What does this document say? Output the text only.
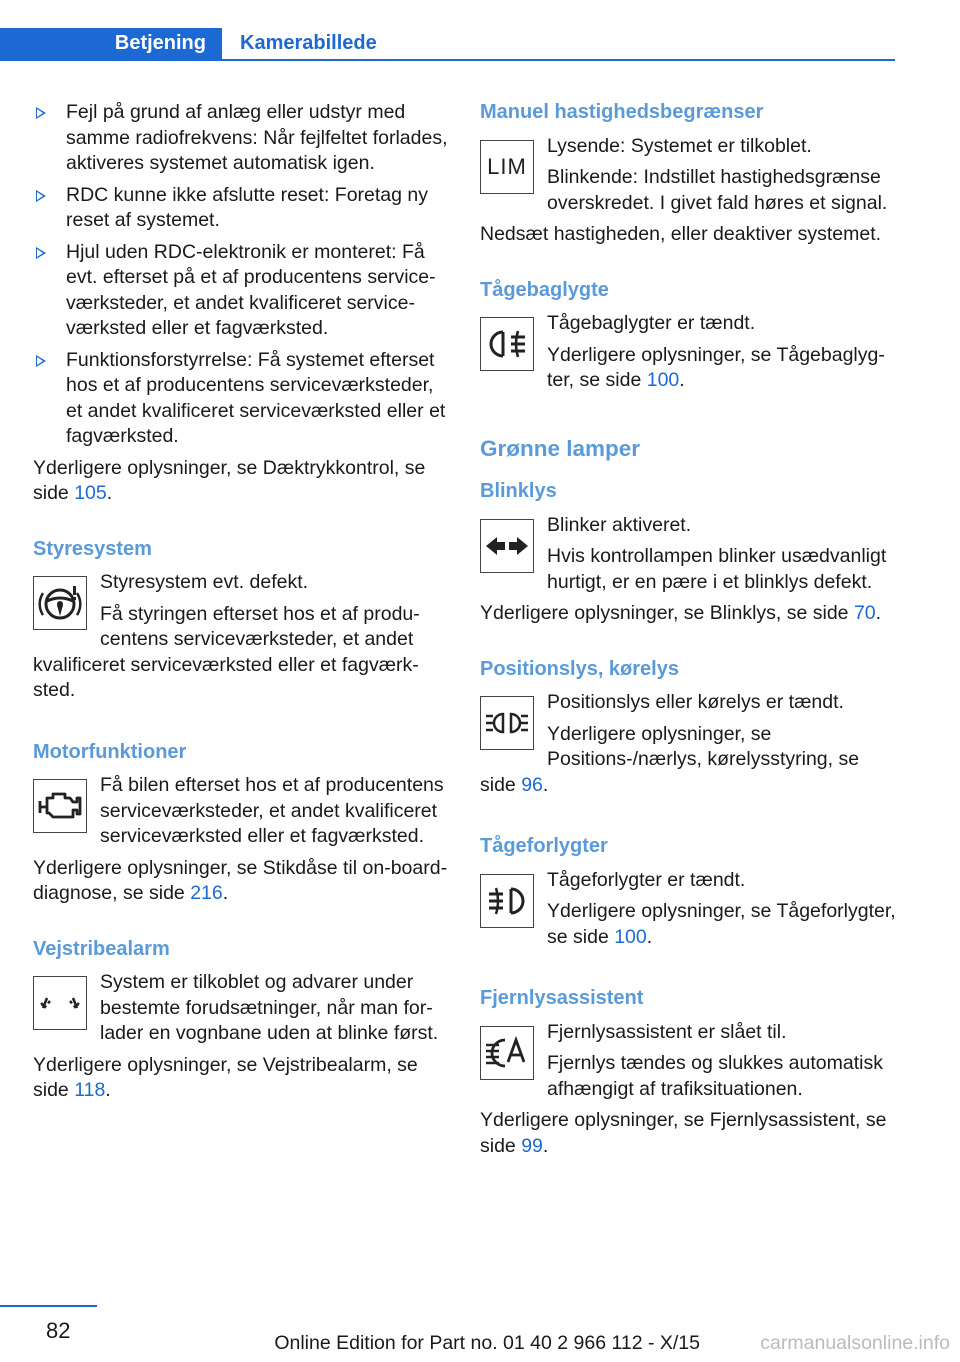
Betjening	Kamerabillede
Fejl på grund af anlæg eller udstyr med samme radiofrekvens: Når fejlfeltet forlades, aktiveres systemet automatisk igen.
RDC kunne ikke afslutte reset: Foretag ny reset af systemet.
Hjul uden RDC-elektronik er monteret: Få evt. efterset på et af producentens serviceværksteder, et andet kvalificeret serviceværksted eller et fagværksted.
Funktionsforstyrrelse: Få systemet efterset hos et af producentens serviceværksteder, et andet kvalificeret serviceværksted eller et fagværksted.

Yderligere oplysninger, se Dæktrykkontrol, se side 105.

Styresystem

Styresystem evt. defekt.

Få styringen efterset hos et af producentens serviceværksteder, et andet kvalificeret serviceværksted eller et fagværksted.

Motorfunktioner

Få bilen efterset hos et af producentens serviceværksteder, et andet kvalificeret serviceværksted eller et fagværksted.

Yderligere oplysninger, se Stikdåse til on-board-diagnose, se side 216.

Vejstribealarm

System er tilkoblet og advarer under bestemte forudsætninger, når man forlader en vognbane uden at blinke først.

Yderligere oplysninger, se Vejstribealarm, se side 118.

Manuel hastighedsbegrænser
LIM

Lysende: Systemet er tilkoblet.

Blinkende: Indstillet hastighedsgrænse overskredet. I givet fald høres et signal.

Nedsæt hastigheden, eller deaktiver systemet.

Tågebaglygte

Tågebaglygter er tændt.

Yderligere oplysninger, se Tågebaglygter, se side 100.

Grønne lamper
Blinklys

Blinker aktiveret.

Hvis kontrollampen blinker usædvanligt hurtigt, er en pære i et blinklys defekt.

Yderligere oplysninger, se Blinklys, se side 70.

Positionslys, kørelys

Positionslys eller kørelys er tændt.

Yderligere oplysninger, se Positions-/nærlys, kørelysstyring, se side 96.

Tågeforlygter

Tågeforlygter er tændt.

Yderligere oplysninger, se Tågeforlygter, se side 100.

Fjernlysassistent

Fjernlysassistent er slået til.

Fjernlys tændes og slukkes automatisk afhængigt af trafiksituationen.

Yderligere oplysninger, se Fjernlysassistent, se side 99.

82	Online Edition for Part no. 01 40 2 966 112 - X/15	carmanualsonline.info
